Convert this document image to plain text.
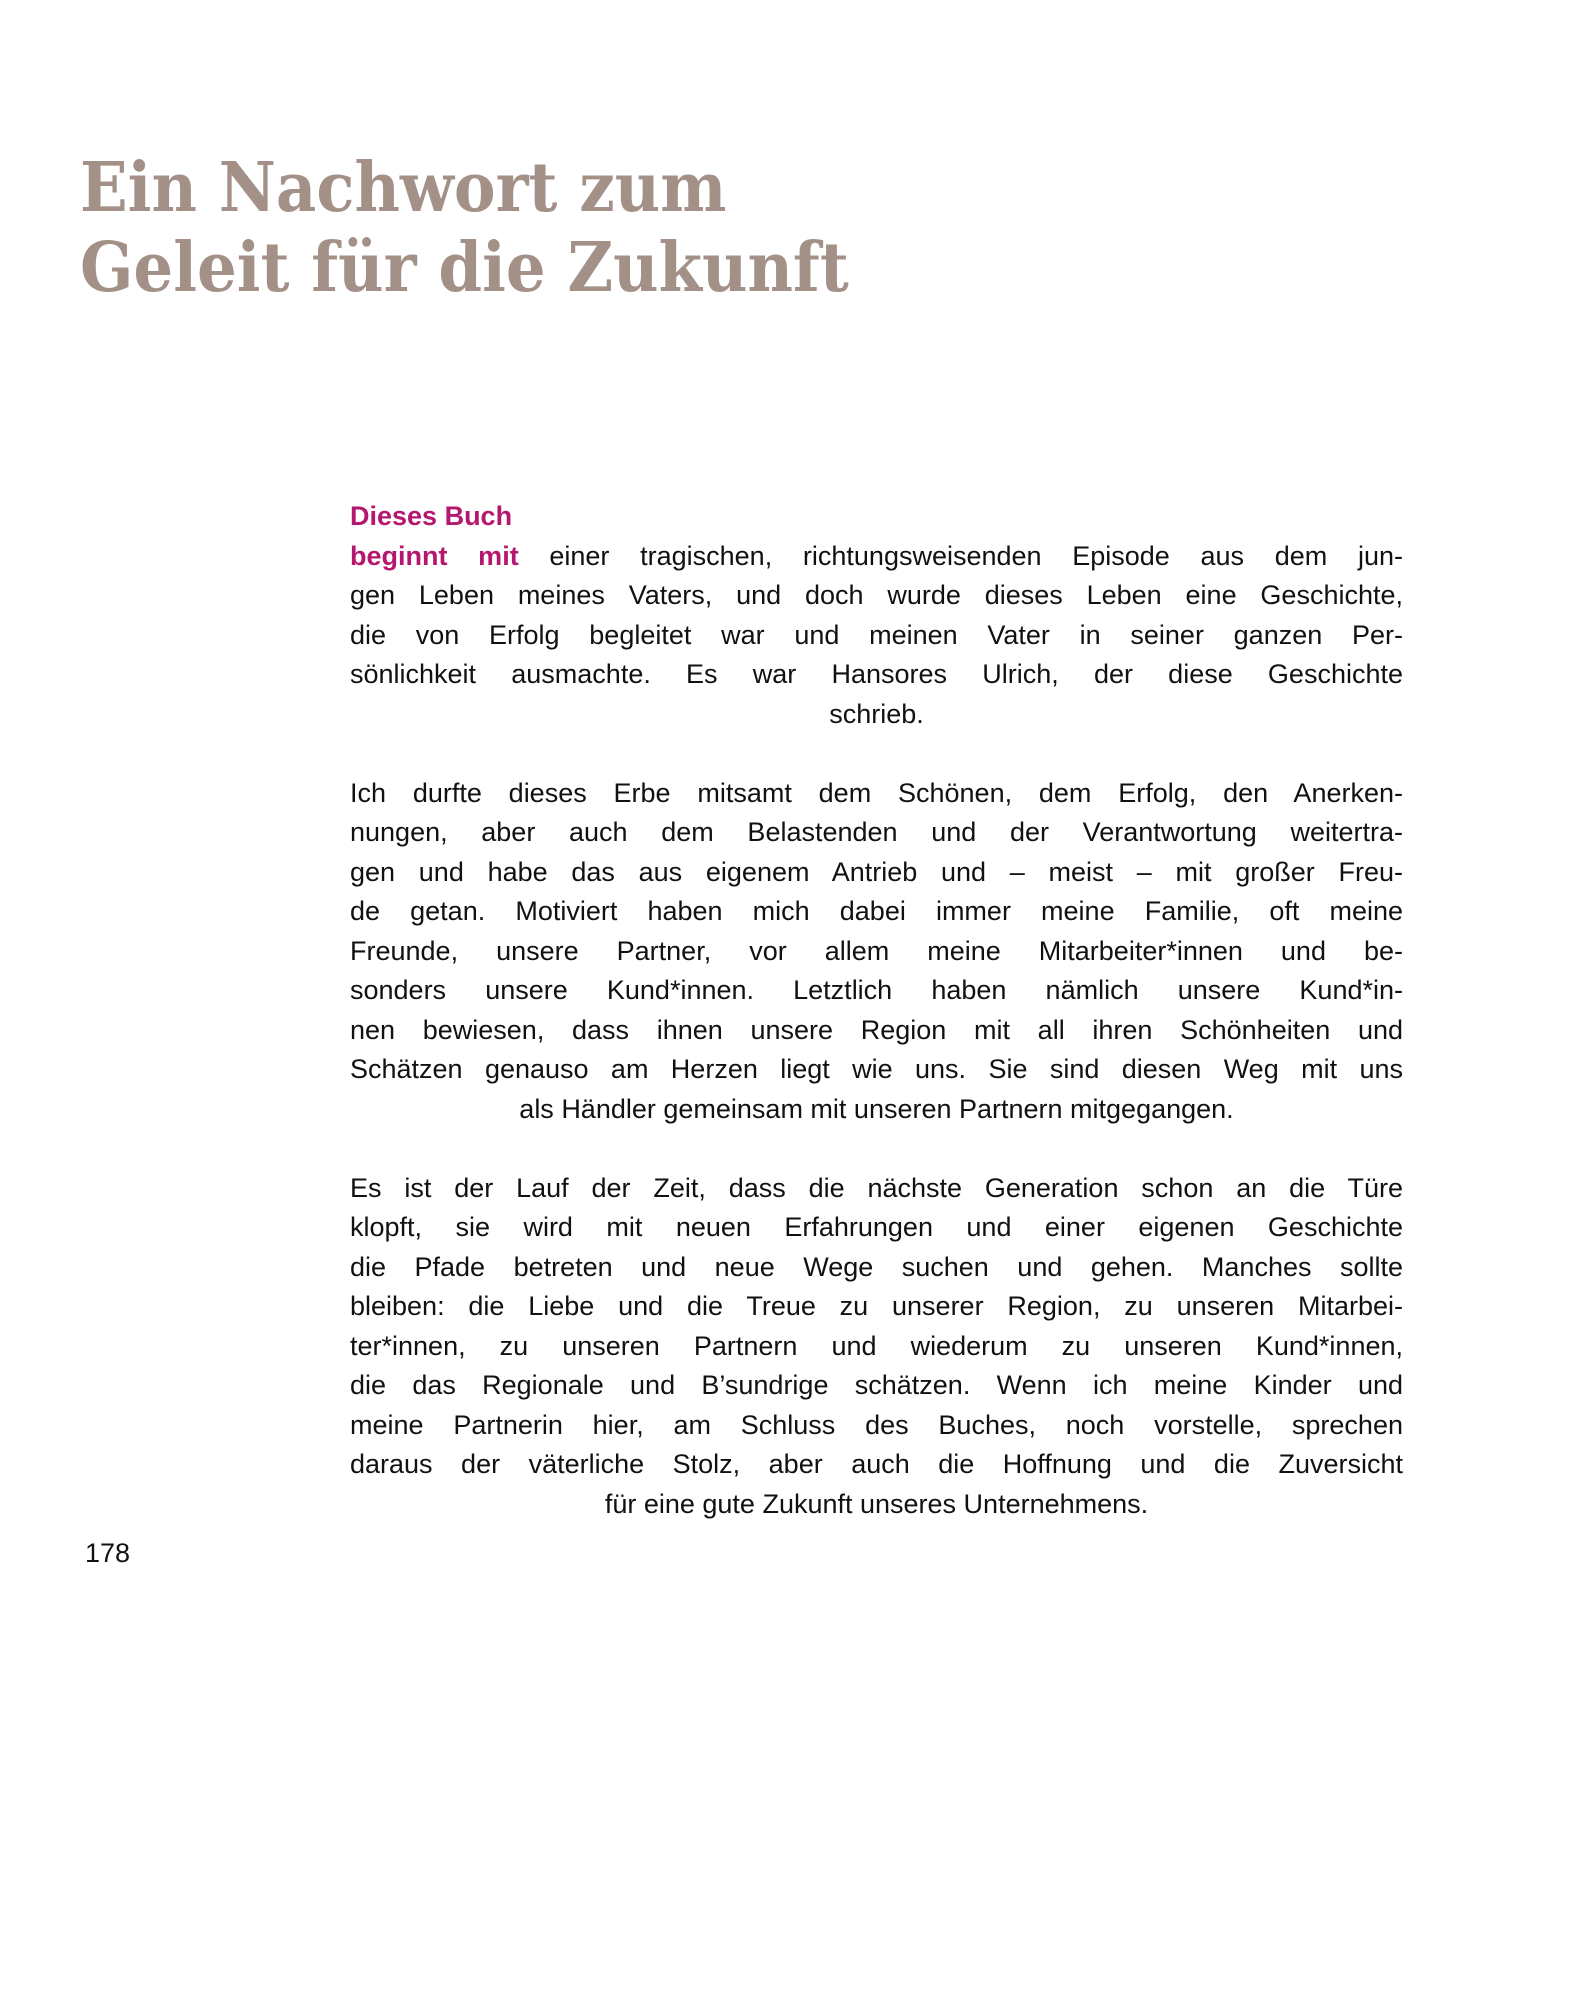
Ein Nachwort zum
Geleit für die Zukunft
Dieses Buch

beginnt mit einer tragischen, richtungsweisenden Episode aus dem jun-
gen Leben meines Vaters, und doch wurde dieses Leben eine Geschichte,
die von Erfolg begleitet war und meinen Vater in seiner ganzen Per-
sönlichkeit ausmachte. Es war Hansores Ulrich, der diese Geschichte
schrieb.

Ich durfte dieses Erbe mitsamt dem Schönen, dem Erfolg, den Anerken-
nungen, aber auch dem Belastenden und der Verantwortung weitertra-
gen und habe das aus eigenem Antrieb und – meist – mit großer Freu-
de getan. Motiviert haben mich dabei immer meine Familie, oft meine
Freunde, unsere Partner, vor allem meine Mitarbeiter*innen und be-
sonders unsere Kund*innen. Letztlich haben nämlich unsere Kund*in-
nen bewiesen, dass ihnen unsere Region mit all ihren Schönheiten und
Schätzen genauso am Herzen liegt wie uns. Sie sind diesen Weg mit uns
als Händler gemeinsam mit unseren Partnern mitgegangen.

Es ist der Lauf der Zeit, dass die nächste Generation schon an die Türe
klopft, sie wird mit neuen Erfahrungen und einer eigenen Geschichte
die Pfade betreten und neue Wege suchen und gehen. Manches sollte
bleiben: die Liebe und die Treue zu unserer Region, zu unseren Mitarbei-
ter*innen, zu unseren Partnern und wiederum zu unseren Kund*innen,
die das Regionale und B’sundrige schätzen. Wenn ich meine Kinder und
meine Partnerin hier, am Schluss des Buches, noch vorstelle, sprechen
daraus der väterliche Stolz, aber auch die Hoffnung und die Zuversicht
für eine gute Zukunft unseres Unternehmens.

178
